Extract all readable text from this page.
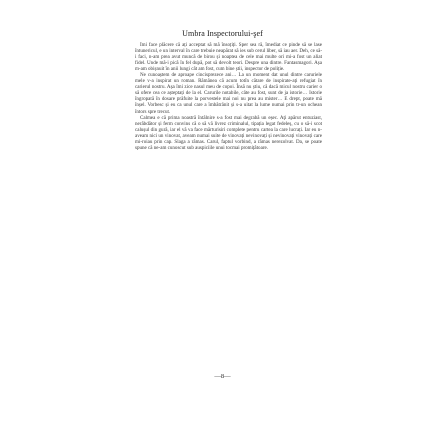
Umbra Inspectorului-şef

Îmi face plăcere că ați acceptat să mă însoțiți. Sper sea ră, îmediat ce pinde să se lase întunericul, e un interval în care trebuie neapărat să ies sub cerul liber, să iau aer. Deh, ce să-i faci, n-am prea avut muncă de birou și noaptea de cele mai multe ori mi-a fost un aliat fidel. Unde mă-i pică în fel după, pot să devolt teori. Despre una dintre. Fantasmagori. Așa m-am obișnuit în anii lungi cât am fost, cum bine știi, inspector de poliție.

Ne cunoaștem de aproape cincisprezece ani… La un moment dat unul dintre caruriele mele v-a inspirat un roman. Rămânea că acum totîn cătare de inspirate-ați refugiat în carierul nostru. Așa îmi zice nasul meu de copoi. Însă nu știu, că dacă micul nostru carier o să ofere cea ce așteptați de la el. Carurile notabile, câte au fost, sunt de ja istorie… Istorie îngropată în dosare prăfuite la porvestele mai noi nu prea au mister… E drept, poate mă înșel. Vorbesc și eu ca unul care a îmbătrânit și s-a uitat la lume numai prin tr-un ochean întors spre trecut.

Calmea e că prima noastră întâlnire s-a fost mai degrabă un eșec. Aţi apărut entuziast, nerăbdător și ferm convins că o să vă livrez criminalul, tipația legat fedeleș, cu o să-i scot calușul din gură, iar el vă va face mărturisiri complete pentru cartea la care lucrați. Iar eu n-aveam nici un vinovat, aveam numai suite de vinovați nevinovați și nevinovați vinovați care mi-roiau prin cap. Slaga a rămas. Carul, faptul vorbind, a rămas nerezolvat. Da, se poate spune că ne-am cunoscut sub auspiciile unui tocmai promițătoare.

—8—
